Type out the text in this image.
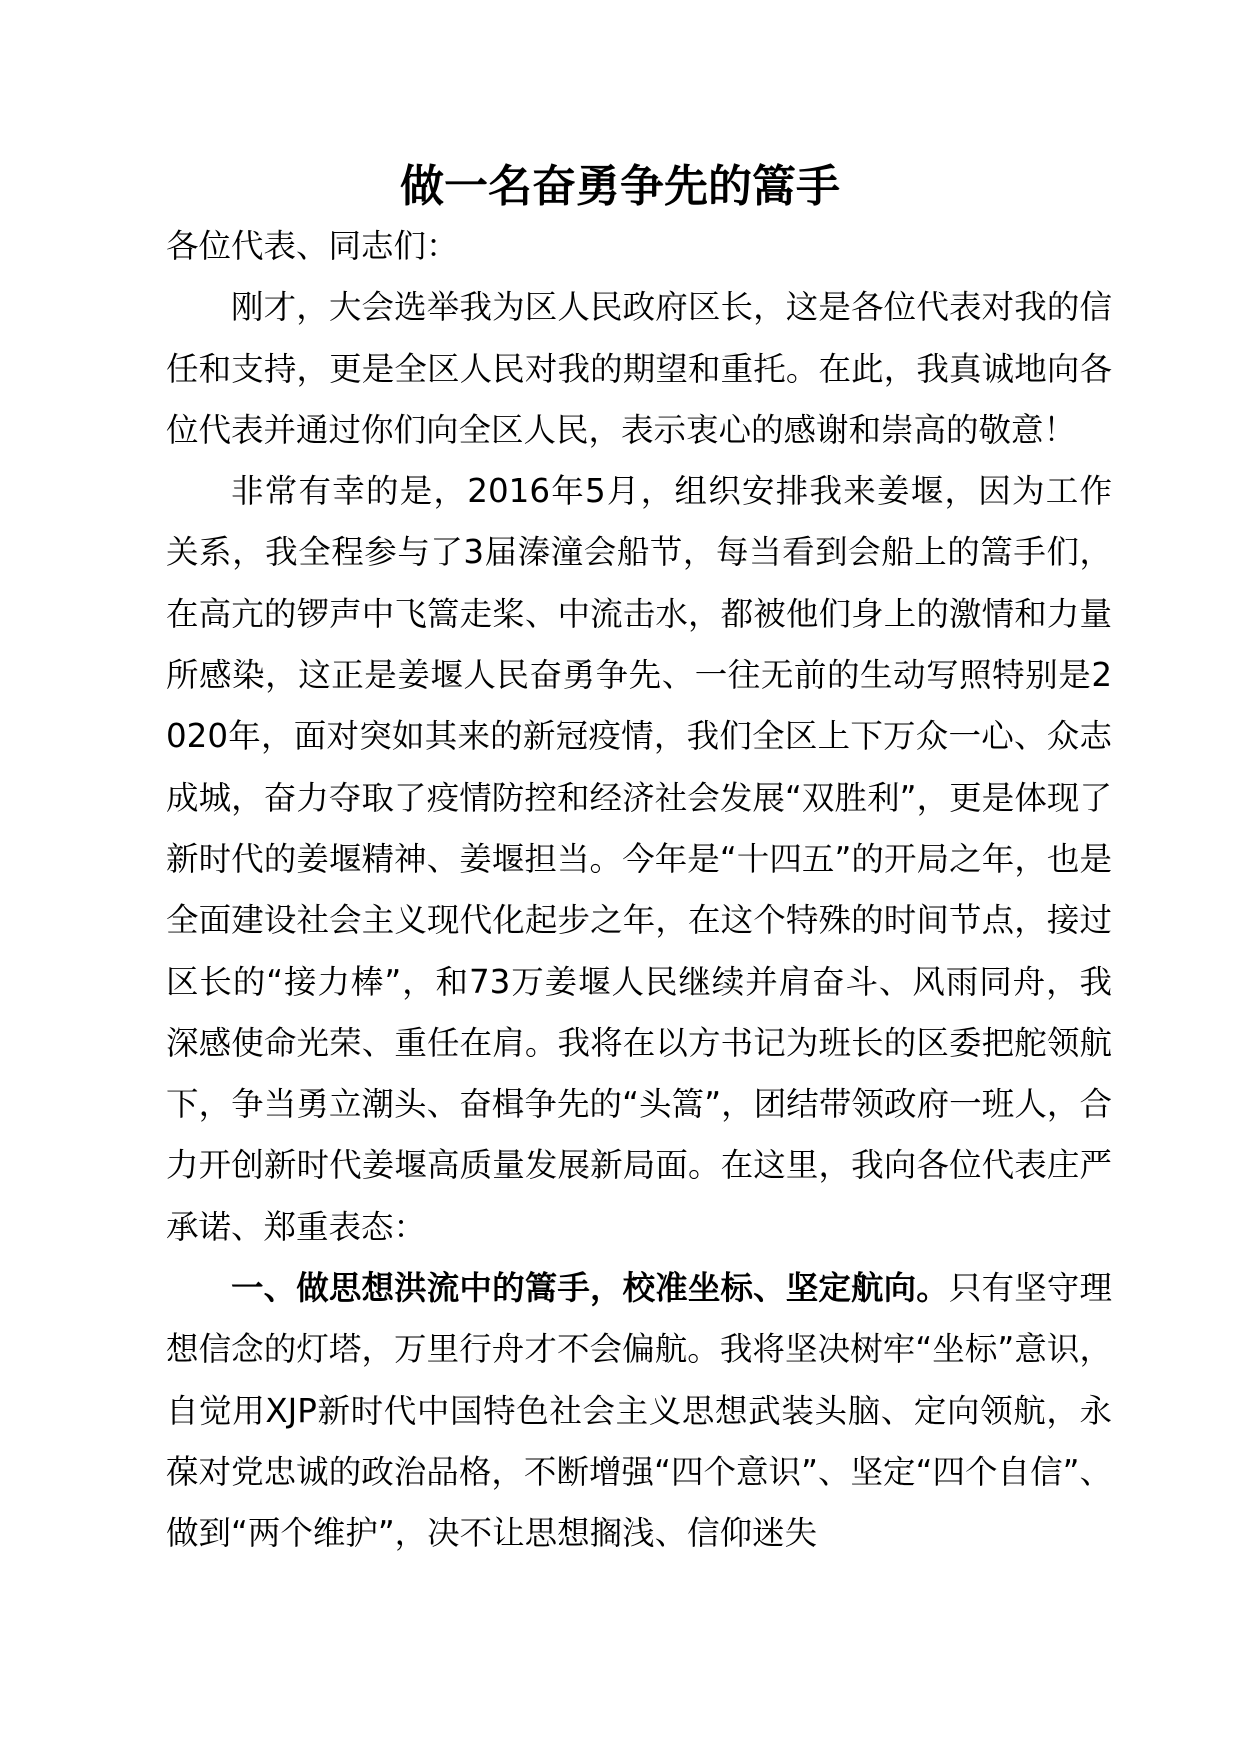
做一名奋勇争先的篙手

各位代表、同志们：

刚才，大会选举我为区人民政府区长，这是各位代表对我的信任和支持，更是全区人民对我的期望和重托。在此，我真诚地向各位代表并通过你们向全区人民，表示衷心的感谢和崇高的敬意！

非常有幸的是，2016年5月，组织安排我来姜堰，因为工作关系，我全程参与了3届溱潼会船节，每当看到会船上的篙手们，在高亢的锣声中飞篙走桨、中流击水，都被他们身上的激情和力量所感染，这正是姜堰人民奋勇争先、一往无前的生动写照特别是2020年，面对突如其来的新冠疫情，我们全区上下万众一心、众志成城，奋力夺取了疫情防控和经济社会发展“双胜利”，更是体现了新时代的姜堰精神、姜堰担当。今年是“十四五”的开局之年，也是全面建设社会主义现代化起步之年，在这个特殊的时间节点，接过区长的“接力棒”，和73万姜堰人民继续并肩奋斗、风雨同舟，我深感使命光荣、重任在肩。我将在以方书记为班长的区委把舵领航下，争当勇立潮头、奋楫争先的“头篙”，团结带领政府一班人，合力开创新时代姜堰高质量发展新局面。在这里，我向各位代表庄严承诺、郑重表态：

一、做思想洪流中的篙手，校准坐标、坚定航向。只有坚守理想信念的灯塔，万里行舟才不会偏航。我将坚决树牢“坐标”意识，自觉用XJP新时代中国特色社会主义思想武装头脑、定向领航，永葆对党忠诚的政治品格，不断增强“四个意识”、坚定“四个自信”、做到“两个维护”，决不让思想搁浅、信仰迷失
